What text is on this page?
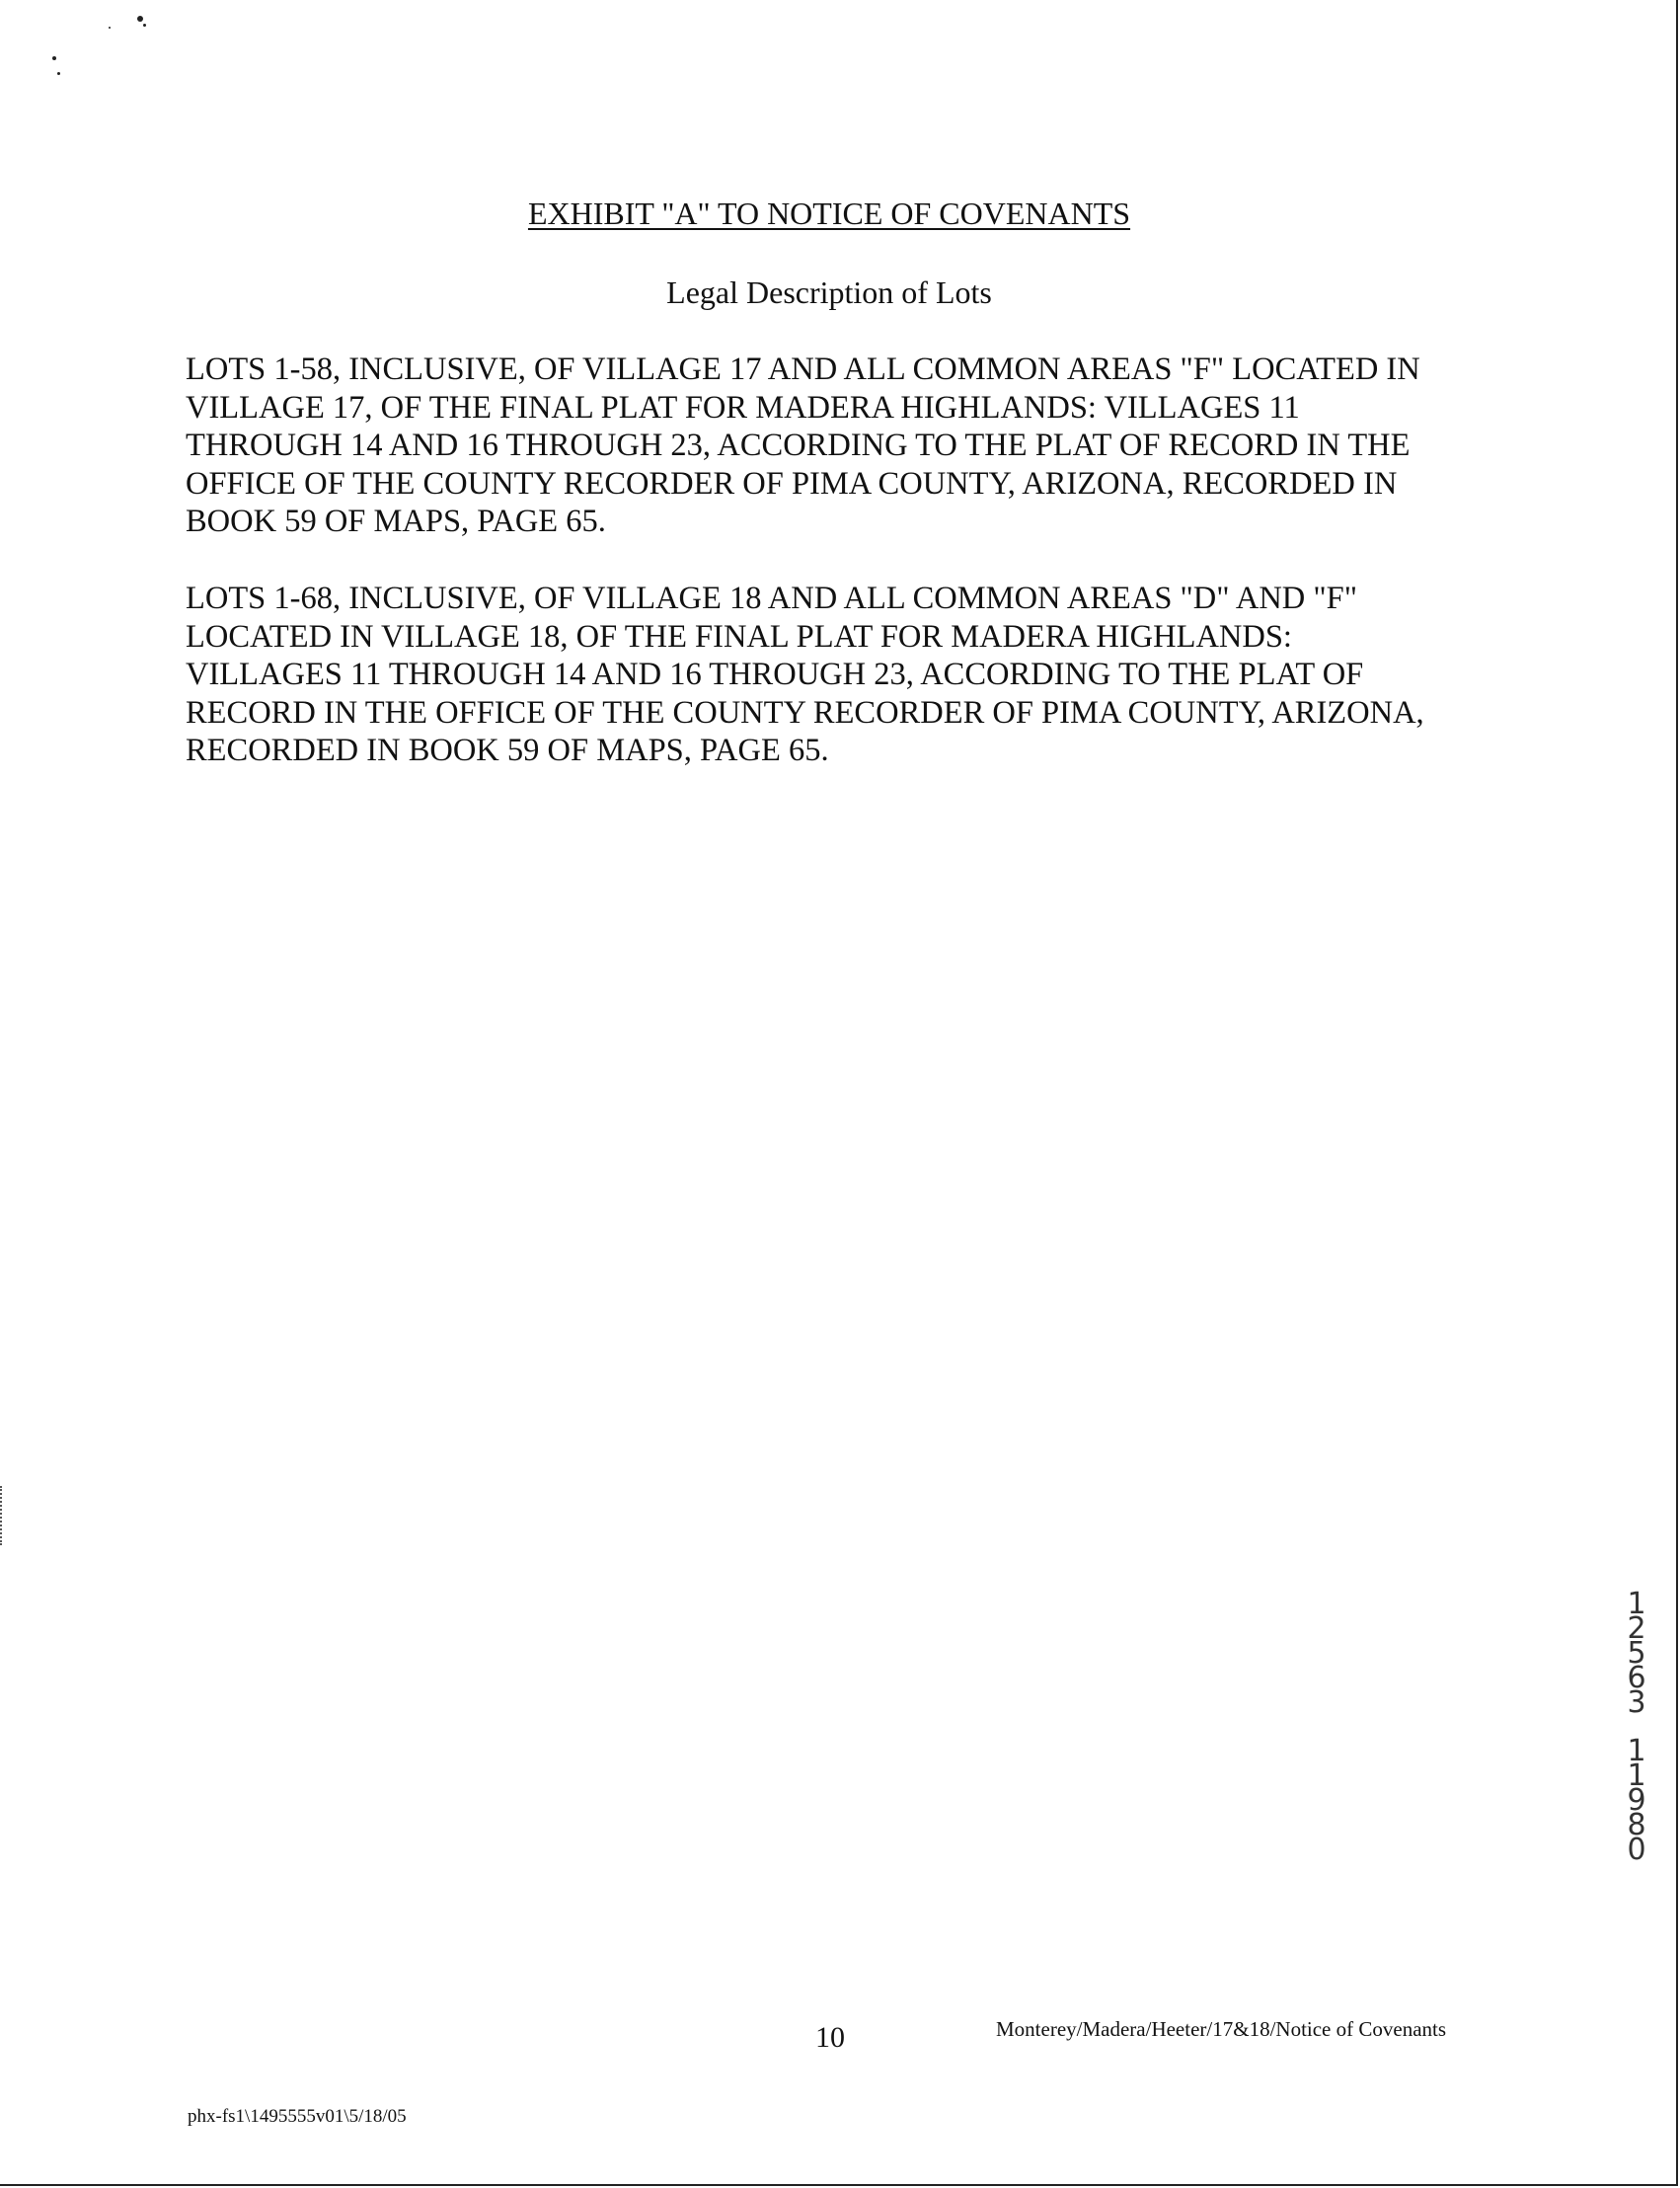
EXHIBIT "A" TO NOTICE OF COVENANTS
Legal Description of Lots
LOTS 1-58, INCLUSIVE, OF VILLAGE 17 AND ALL COMMON AREAS "F" LOCATED IN
VILLAGE 17, OF THE FINAL PLAT FOR MADERA HIGHLANDS: VILLAGES 11
THROUGH 14 AND 16 THROUGH 23, ACCORDING TO THE PLAT OF RECORD IN THE
OFFICE OF THE COUNTY RECORDER OF PIMA COUNTY, ARIZONA, RECORDED IN
BOOK 59 OF MAPS, PAGE 65.
LOTS 1-68, INCLUSIVE, OF VILLAGE 18 AND ALL COMMON AREAS "D" AND "F"
LOCATED IN VILLAGE 18, OF THE FINAL PLAT FOR MADERA HIGHLANDS:
VILLAGES 11 THROUGH 14 AND 16 THROUGH 23, ACCORDING TO THE PLAT OF
RECORD IN THE OFFICE OF THE COUNTY RECORDER OF PIMA COUNTY, ARIZONA,
RECORDED IN BOOK 59 OF MAPS, PAGE 65.
1
2
5
6
3
1
1
9
8
0
10	Monterey/Madera/Heeter/17&18/Notice of Covenants
phx-fs1\1495555v01\5/18/05
